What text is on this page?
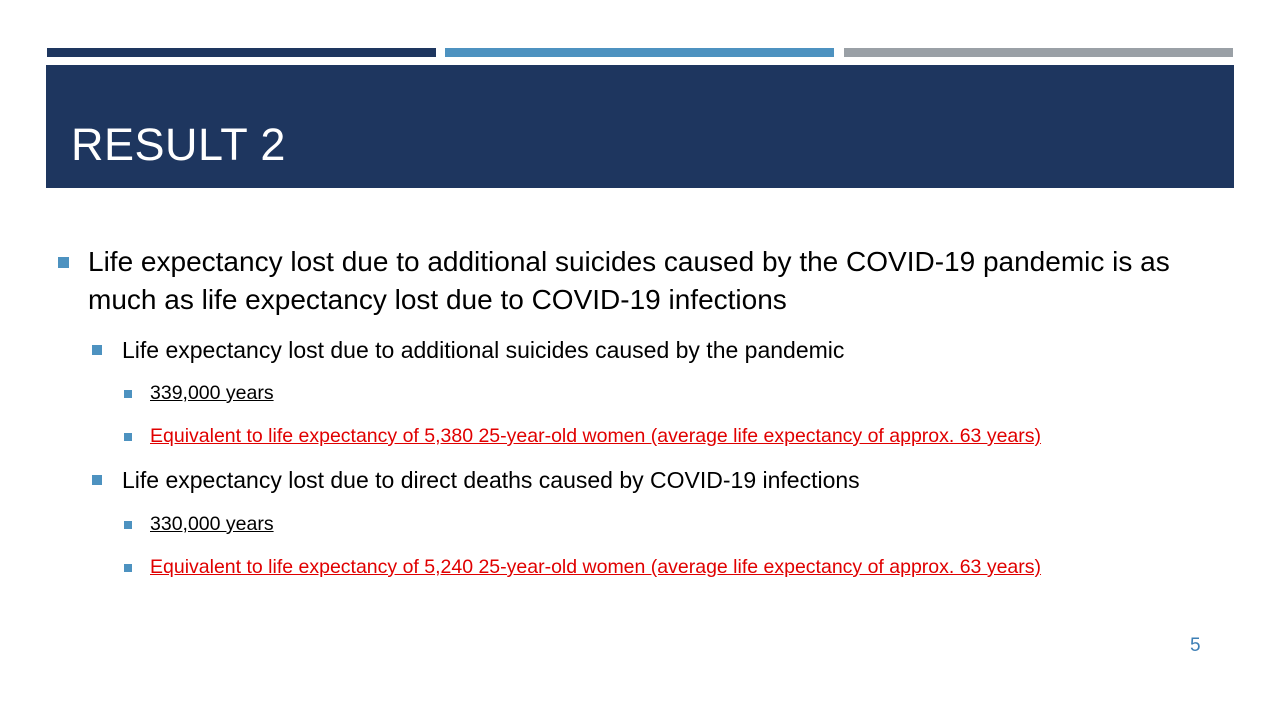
RESULT 2

Life expectancy lost due to additional suicides caused by the COVID-19 pandemic is as much as life expectancy lost due to COVID-19 infections

Life expectancy lost due to additional suicides caused by the pandemic

339,000 years

Equivalent to life expectancy of 5,380 25-year-old women (average life expectancy of approx. 63 years)

Life expectancy lost due to direct deaths caused by COVID-19 infections

330,000 years

Equivalent to life expectancy of 5,240 25-year-old women (average life expectancy of approx. 63 years)

5
